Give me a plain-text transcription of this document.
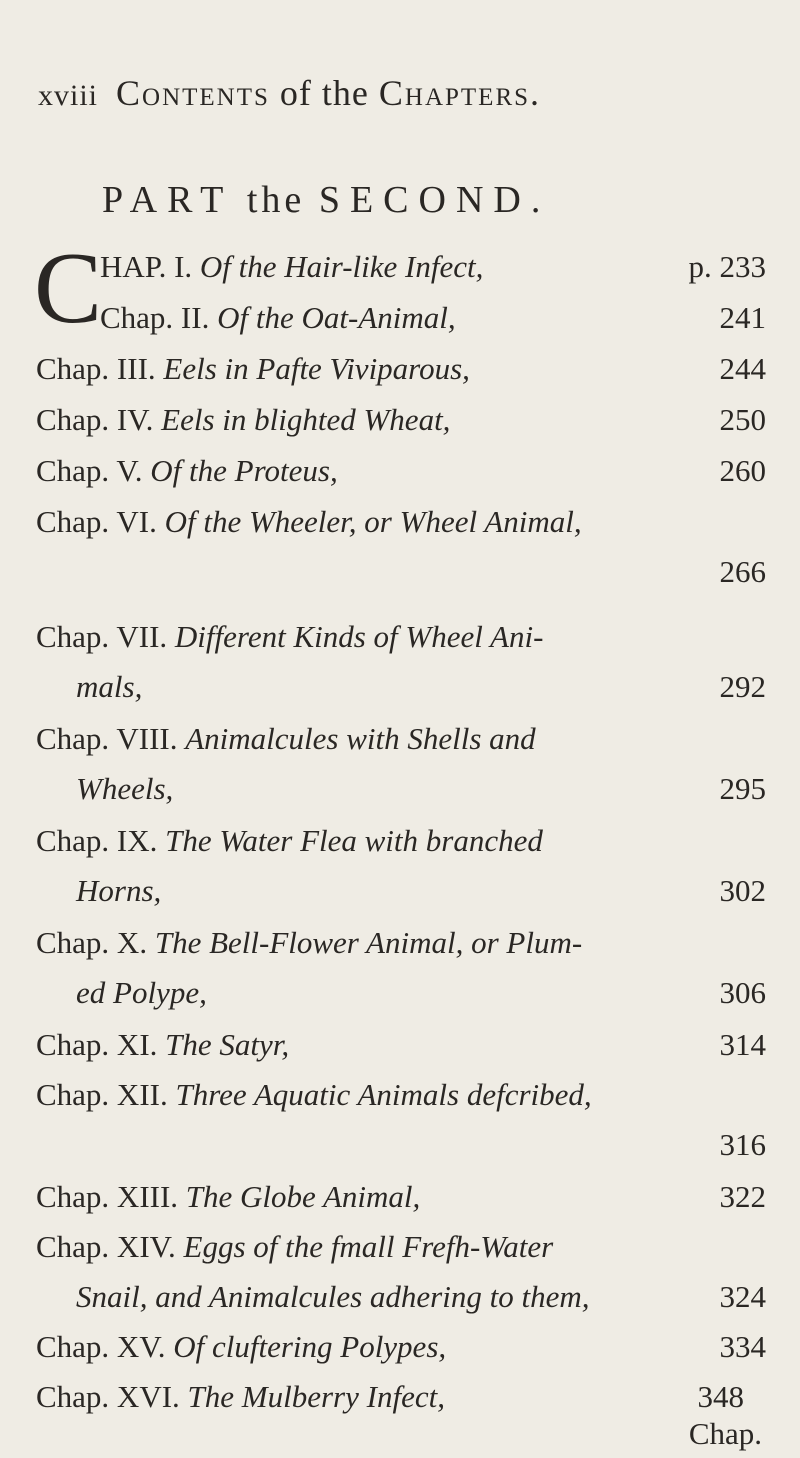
xviii Contents of the Chapters.
PART the SECOND.
C
HAP. I. Of the Hair-like Infect,	p. 233
Chap. II. Of the Oat-Animal,	241
Chap. III. Eels in Pafte Viviparous,	244
Chap. IV. Eels in blighted Wheat,	250
Chap. V. Of the Proteus,	260
Chap. VI. Of the Wheeler, or Wheel Animal,
266
Chap. VII. Different Kinds of Wheel Ani-
mals,	292
Chap. VIII. Animalcules with Shells and
Wheels,	295
Chap. IX. The Water Flea with branched
Horns,	302
Chap. X. The Bell-Flower Animal, or Plum-
ed Polype,	306
Chap. XI. The Satyr,	314
Chap. XII. Three Aquatic Animals defcribed,
316
Chap. XIII. The Globe Animal,	322
Chap. XIV. Eggs of the fmall Frefh-Water
Snail, and Animalcules adhering to them,	324
Chap. XV. Of cluftering Polypes,	334
Chap. XVI. The Mulberry Infect,	348
Chap.
